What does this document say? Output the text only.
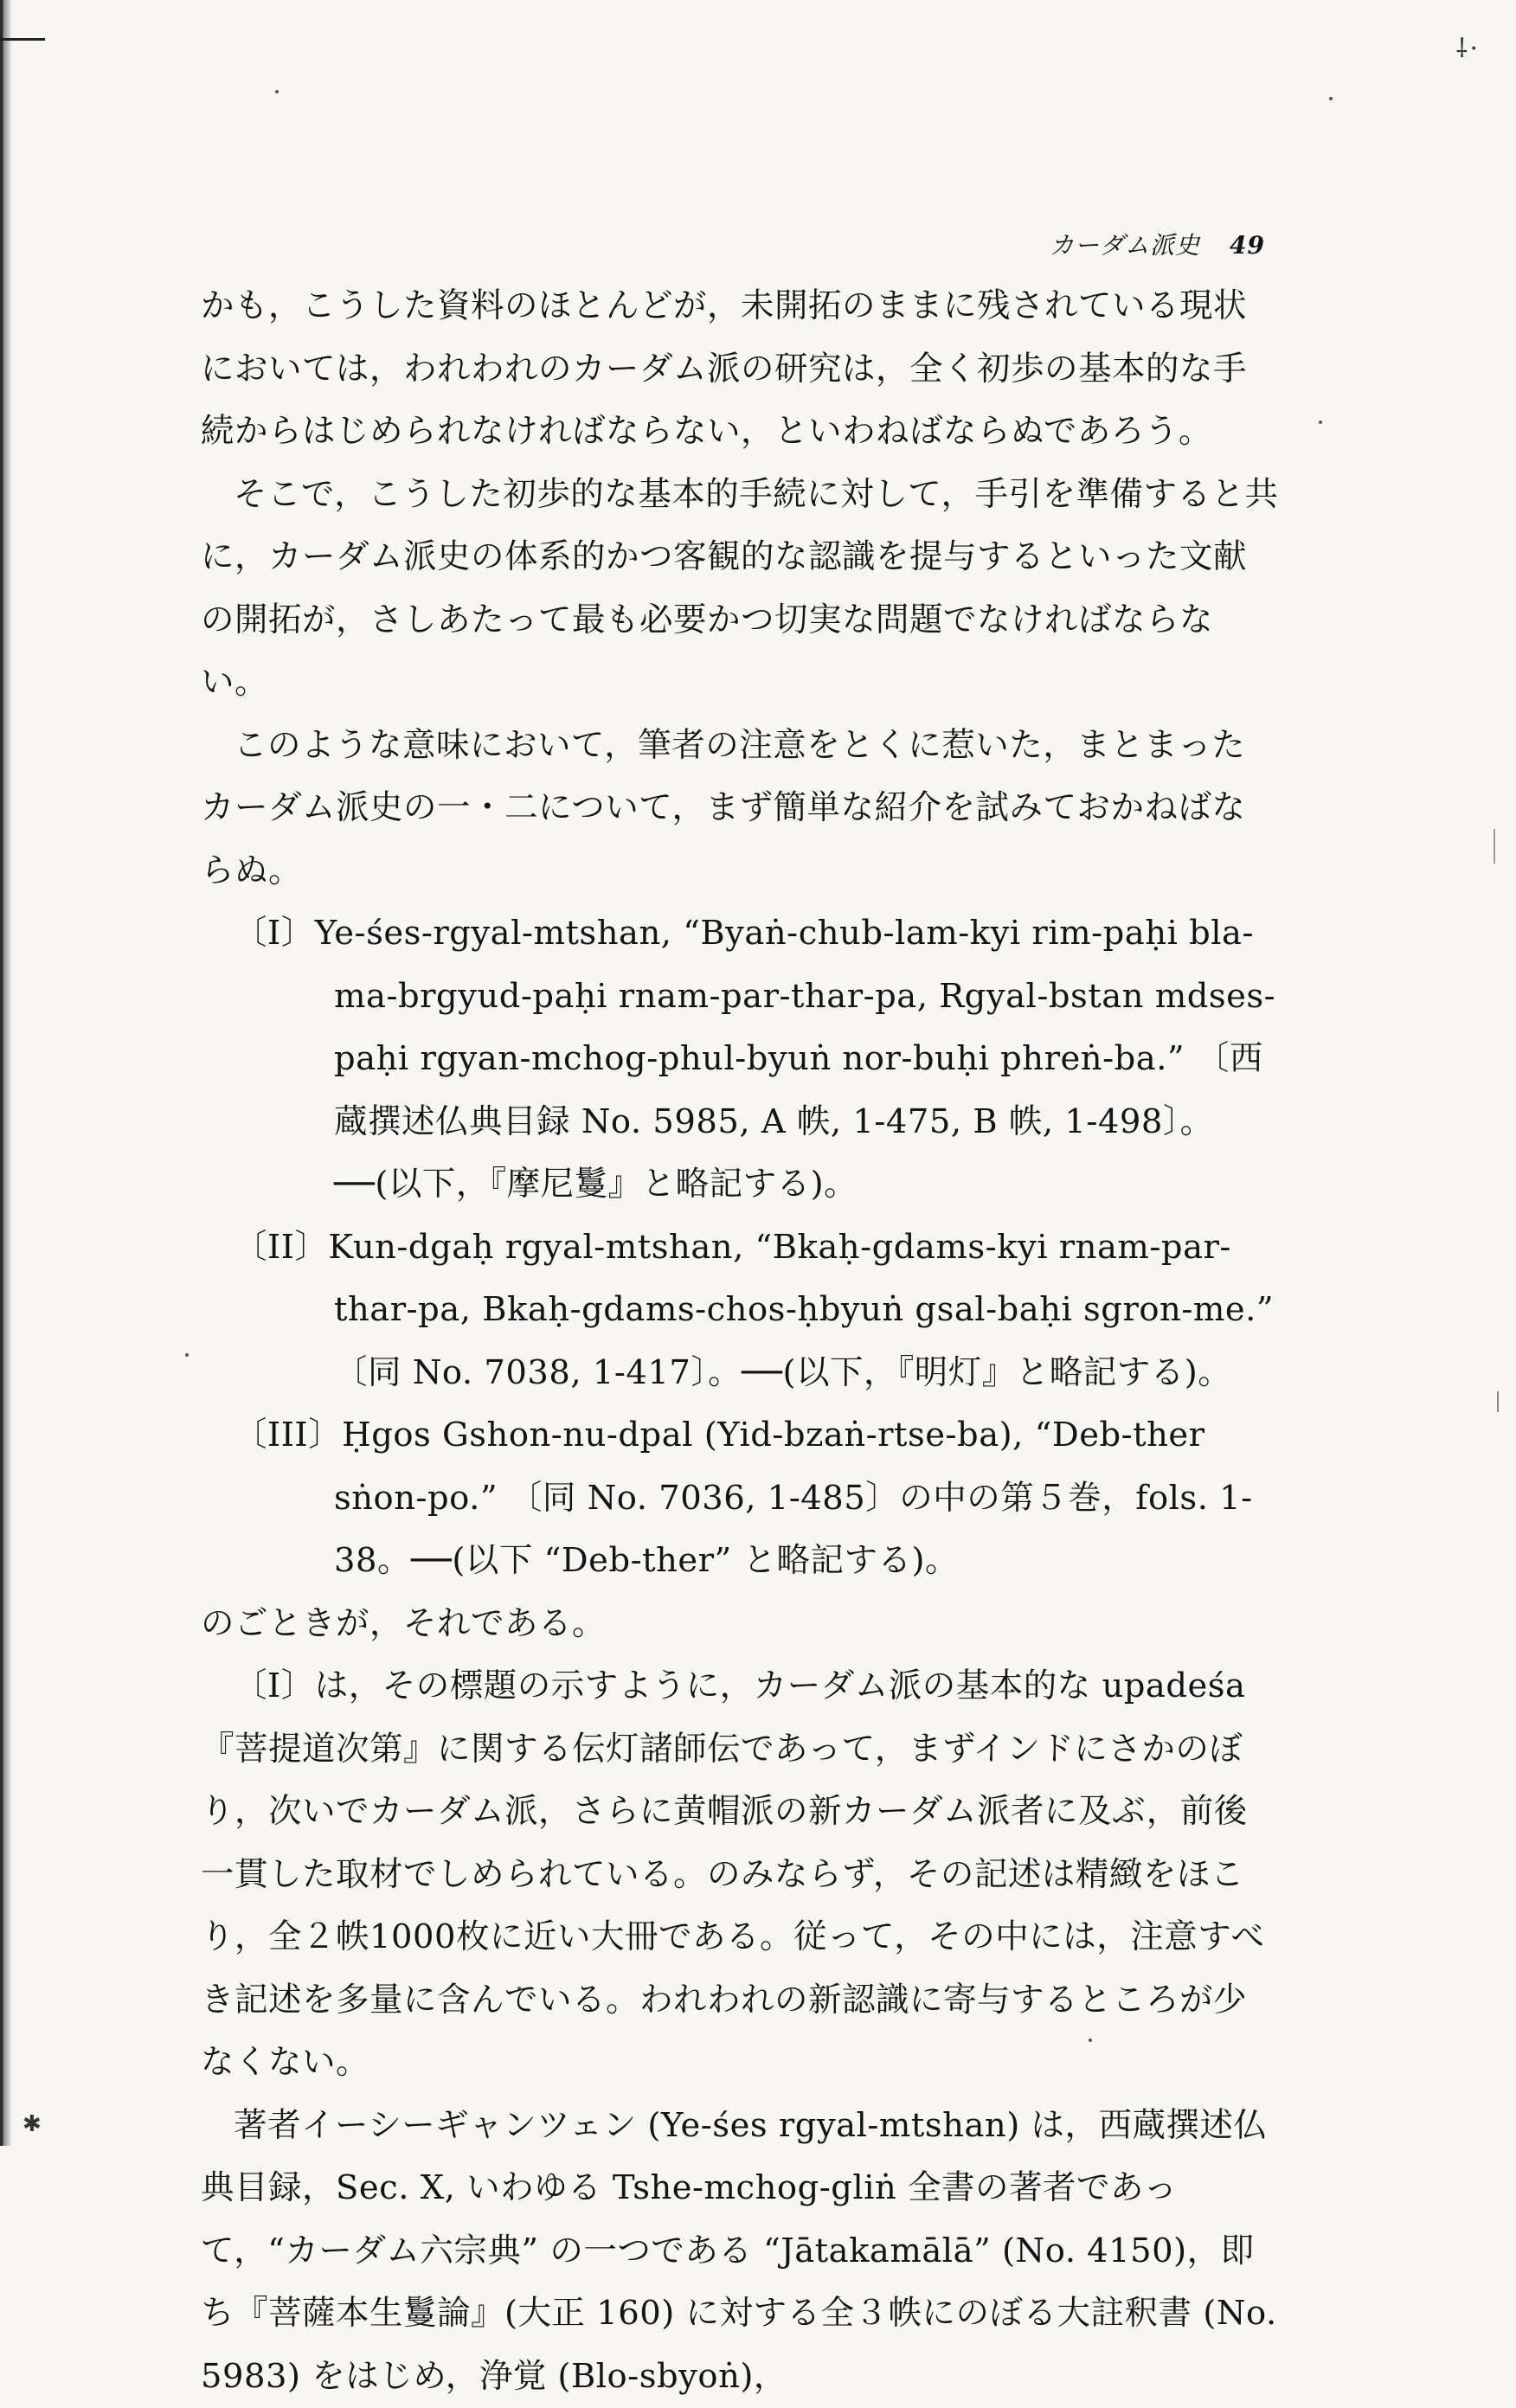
⸸·
✱
カーダム派史 49

かも，こうした資料のほとんどが，未開拓のままに残されている現状においては，われわれのカーダム派の研究は，全く初歩の基本的な手続からはじめられなければならない，といわねばならぬであろう。

そこで，こうした初歩的な基本的手続に対して，手引を準備すると共に，カーダム派史の体系的かつ客観的な認識を提与するといった文献の開拓が，さしあたって最も必要かつ切実な問題でなければならない。

このような意味において，筆者の注意をとくに惹いた，まとまったカーダム派史の一・二について，まず簡単な紹介を試みておかねばならぬ。

〔I〕Ye-śes-rgyal-mtshan, “Byaṅ-chub-lam-kyi rim-paḥi bla-ma-brgyud-paḥi rnam-par-thar-pa, Rgyal-bstan mdses-paḥi rgyan-mchog-phul-byuṅ nor-buḥi phreṅ-ba.” 〔西蔵撰述仏典目録 No. 5985, A 帙, 1-475, B 帙, 1-498〕。──(以下，『摩尼鬘』と略記する)。

〔II〕Kun-dgaḥ rgyal-mtshan, “Bkaḥ-gdams-kyi rnam-par-thar-pa, Bkaḥ-gdams-chos-ḥbyuṅ gsal-baḥi sgron-me.” 〔同 No. 7038, 1-417〕。──(以下，『明灯』と略記する)。

〔III〕Ḥgos Gshon-nu-dpal (Yid-bzaṅ-rtse-ba), “Deb-ther sṅon-po.” 〔同 No. 7036, 1-485〕の中の第５巻，fols. 1-38。──(以下 “Deb-ther” と略記する)。

のごときが，それである。

〔I〕は，その標題の示すように，カーダム派の基本的な upadeśa『菩提道次第』に関する伝灯諸師伝であって，まずインドにさかのぼり，次いでカーダム派，さらに黄帽派の新カーダム派者に及ぶ，前後一貫した取材でしめられている。のみならず，その記述は精緻をほこり，全２帙1000枚に近い大冊である。従って，その中には，注意すべき記述を多量に含んでいる。われわれの新認識に寄与するところが少なくない。

著者イーシーギャンツェン (Ye-śes rgyal-mtshan) は，西蔵撰述仏典目録，Sec. X, いわゆる Tshe-mchog-gliṅ 全書の著者であって，“カーダム六宗典” の一つである “Jātakamālā” (No. 4150)，即ち『菩薩本生鬘論』(大正 160) に対する全３帙にのぼる大註釈書 (No. 5983) をはじめ，浄覚 (Blo-sbyoṅ)，
